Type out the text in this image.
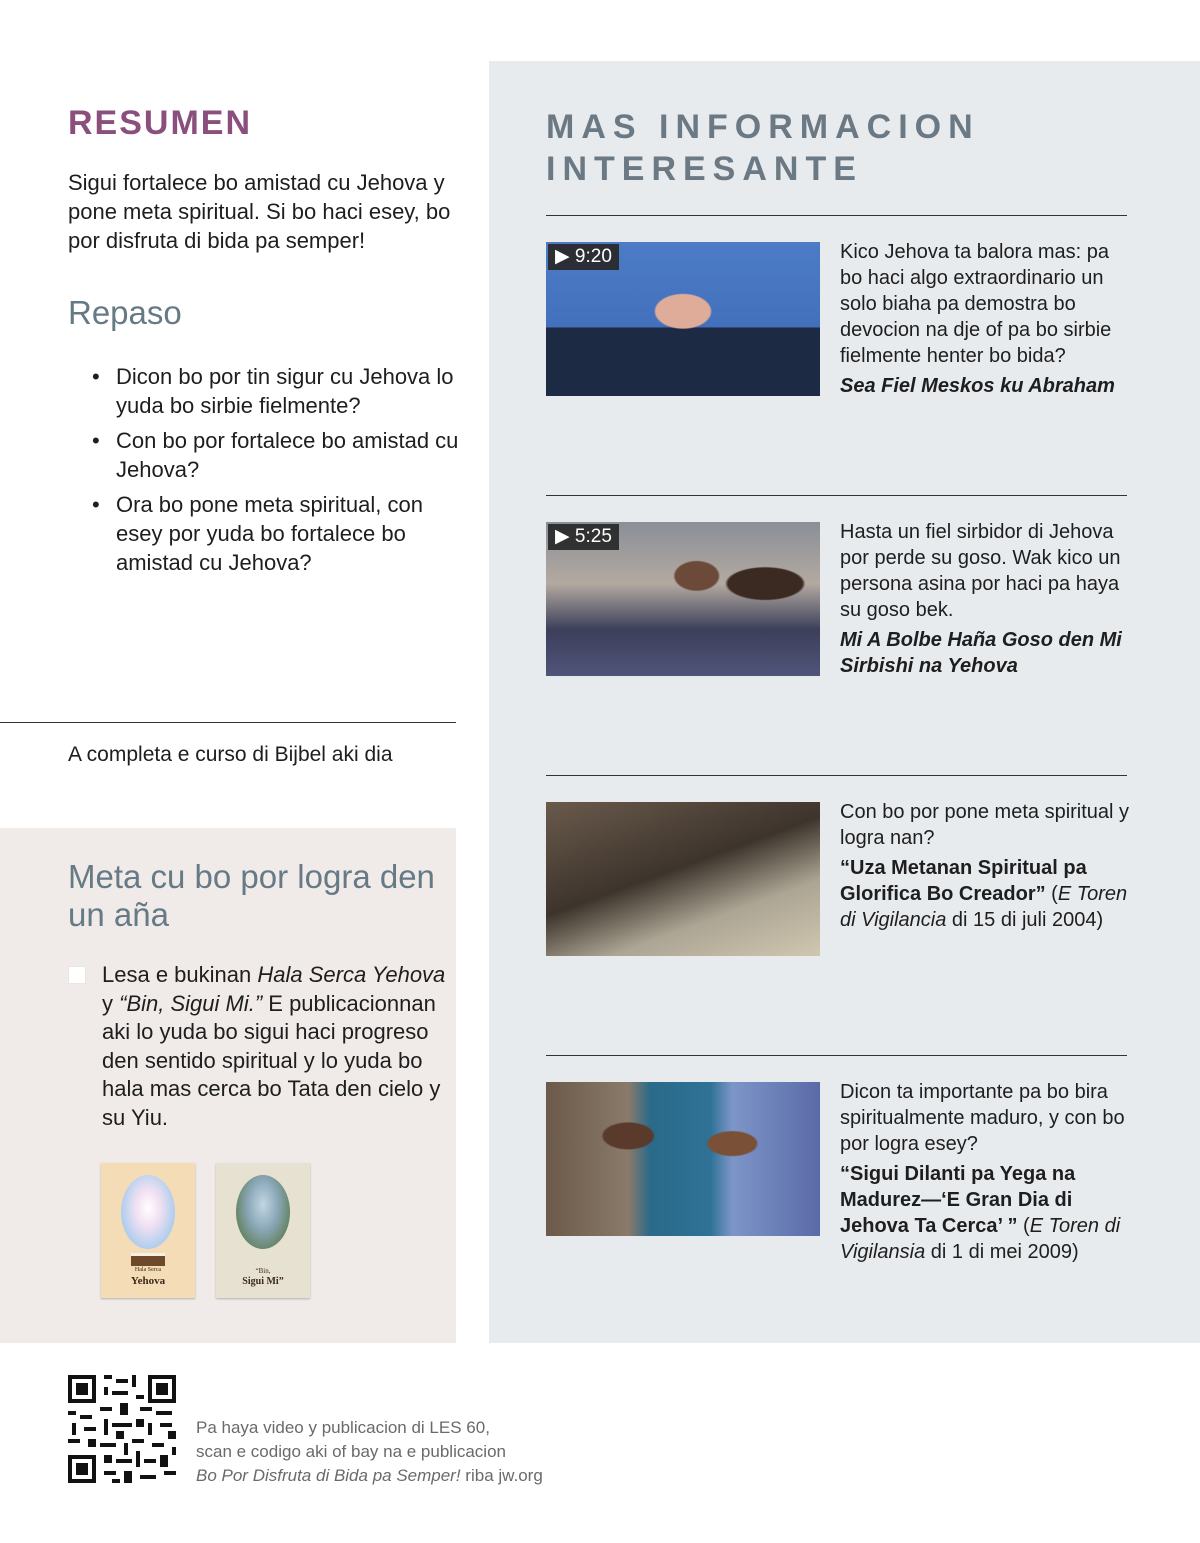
RESUMEN

Sigui fortalece bo amistad cu Jehova y pone meta spiritual. Si bo haci esey, bo por disfruta di bida pa semper!

Repaso
• Dicon bo por tin sigur cu Jehova lo yuda bo sirbie fielmente?
• Con bo por fortalece bo amistad cu Jehova?
• Ora bo pone meta spiritual, con esey por yuda bo fortalece bo amistad cu Jehova?

A completa e curso di Bijbel aki dia

Meta cu bo por logra den un aña

Lesa e bukinan Hala Serca Yehova y “Bin, Sigui Mi.” E publicacionnan aki lo yuda bo sigui haci progreso den sentido spiritual y lo yuda bo hala mas cerca bo Tata den cielo y su Yiu.

Hala Serca
Yehova
“Bin,
Sigui Mi”
MAS INFORMACION INTERESANTE
▶ 9:20	Kico Jehova ta balora mas: pa bo haci algo extraordinario un solo biaha pa demostra bo devocion na dje of pa bo sirbie fielmente henter bo bida?

Sea Fiel Meskos ku Abraham

▶ 5:25	Hasta un fiel sirbidor di Jehova por perde su goso. Wak kico un persona asina por haci pa haya su goso bek.

Mi A Bolbe Haña Goso den Mi Sirbishi na Yehova

Con bo por pone meta spiritual y logra nan?

“Uza Metanan Spiritual pa Glorifica Bo Creador” (E Toren di Vigilancia di 15 di juli 2004)

Dicon ta importante pa bo bira spiritualmente maduro, y con bo por logra esey?

“Sigui Dilanti pa Yega na Madurez—‘E Gran Dia di Jehova Ta Cerca’ ” (E Toren di Vigilansia di 1 di mei 2009)

Pa haya video y publicacion di LES 60,
scan e codigo aki of bay na e publicacion
Bo Por Disfruta di Bida pa Semper! riba jw.org
